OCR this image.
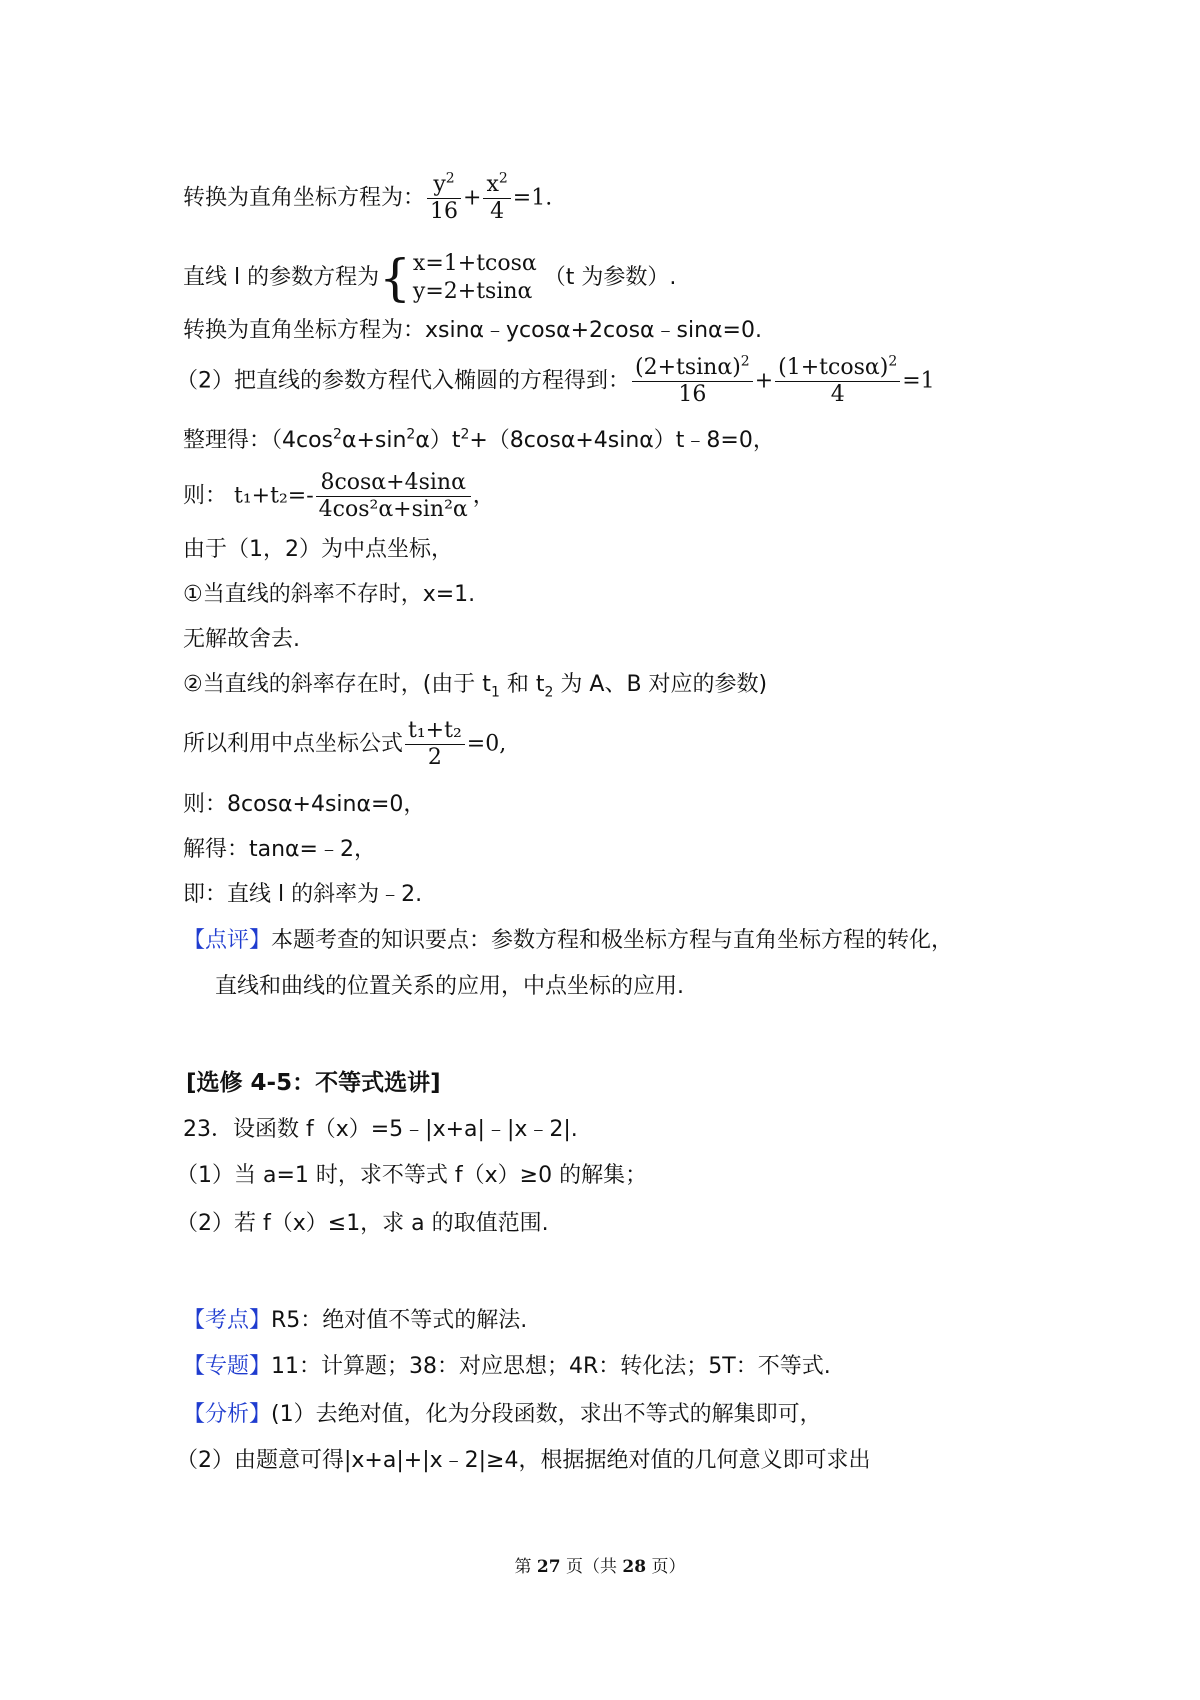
转换为直角坐标方程为： $\frac{y^2}{16} + \frac{x^2}{4} =1$.
直线 l 的参数方程为{ x=1+tcosα
y=2+tsinα
（t 为参数）.
转换为直角坐标方程为：xsinα﹣ycosα+2cosα﹣sinα=0.
（2）把直线的参数方程代入椭圆的方程得到： $\frac{(2+tsin\alpha)^2}{16} + \frac{(1+tcos\alpha)^2}{4} =1$
整理得：$(4\cos^2\alpha+\sin^2\alpha)t^2+(8\cos\alpha+4\sin\alpha)t﹣8=0$，
则： $t_1+t_2=- \frac{8\cos\alpha+4\sin\alpha}{\text{4cos²α+sin²α}}$ ，
由于（1，2）为中点坐标，
①当直线的斜率不存时，x=1.
无解故舍去.
②当直线的斜率存在时，(由于 $t_1$ 和 $t_2$ 为 A、B 对应的参数)
所以利用中点坐标公式 $\frac{\text{t₁+t₂}}{2} =0$,
则：8cosα+4sinα=0，
解得：tanα=﹣2，
即：直线 l 的斜率为﹣2.
【点评】本题考查的知识要点：参数方程和极坐标方程与直角坐标方程的转化，
直线和曲线的位置关系的应用，中点坐标的应用.
[选修 4-5：不等式选讲]
23．设函数 f（x）=5﹣|x+a|﹣|x﹣2|.
（1）当 a=1 时，求不等式 f（x）≥0 的解集；
（2）若 f（x）≤1，求 a 的取值范围.
【考点】R5：绝对值不等式的解法.
【专题】11：计算题；38：对应思想；4R：转化法；5T：不等式.
【分析】(1）去绝对值，化为分段函数，求出不等式的解集即可，
（2）由题意可得|x+a|+|x﹣2|≥4，根据据绝对值的几何意义即可求出
第 27 页（共 28 页）
